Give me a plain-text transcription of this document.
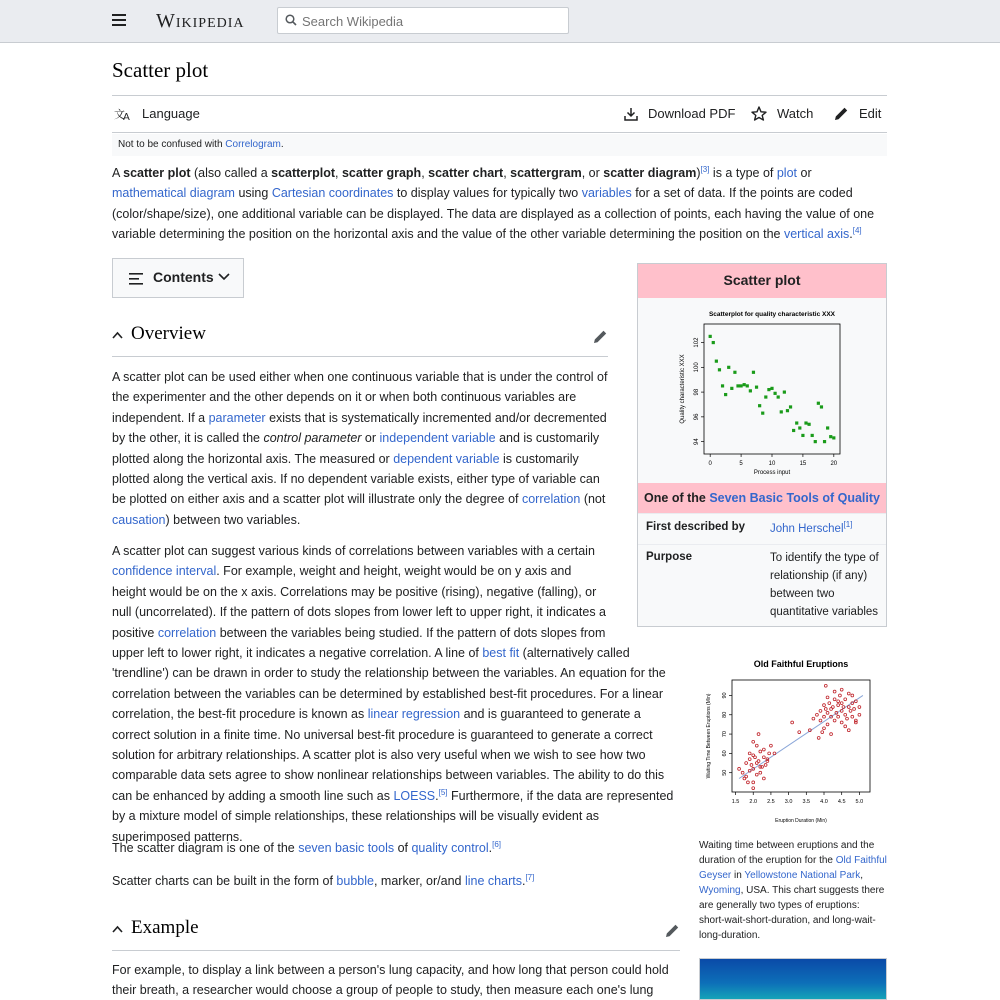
Wikipedia
Search Wikipedia
Scatter plot
文
A Language	Download PDF	Watch	Edit
Not to be confused with Correlogram.
A scatter plot (also called a scatterplot, scatter graph, scatter chart, scattergram, or scatter diagram)[3] is a type of plot or mathematical diagram using Cartesian coordinates to display values for typically two variables for a set of data. If the points are coded (color/shape/size), one additional variable can be displayed. The data are displayed as a collection of points, each having the value of one variable determining the position on the horizontal axis and the value of the other variable determining the position on the vertical axis.[4]
Contents
Overview
A scatter plot can be used either when one continuous variable that is under the control of the experimenter and the other depends on it or when both continuous variables are independent. If a parameter exists that is systematically incremented and/or decremented by the other, it is called the control parameter or independent variable and is customarily plotted along the horizontal axis. The measured or dependent variable is customarily plotted along the vertical axis. If no dependent variable exists, either type of variable can be plotted on either axis and a scatter plot will illustrate only the degree of correlation (not causation) between two variables.
A scatter plot can suggest various kinds of correlations between variables with a certain confidence interval. For example, weight and height, weight would be on y axis and height would be on the x axis. Correlations may be positive (rising), negative (falling), or null (uncorrelated). If the pattern of dots slopes from lower left to upper right, it indicates a positive correlation between the variables being studied. If the pattern of dots slopes from upper left to lower right, it indicates a negative correlation. A line of best fit (alternatively called 'trendline') can be drawn in order to study the relationship between the variables. An equation for the correlation between the variables can be determined by established best-fit procedures. For a linear correlation, the best-fit procedure is known as linear regression and is guaranteed to generate a correct solution in a finite time. No universal best-fit procedure is guaranteed to generate a correct solution for arbitrary relationships. A scatter plot is also very useful when we wish to see how two comparable data sets agree to show nonlinear relationships between variables. The ability to do this can be enhanced by adding a smooth line such as LOESS.[5] Furthermore, if the data are represented by a mixture model of simple relationships, these relationships will be visually evident as superimposed patterns.
The scatter diagram is one of the seven basic tools of quality control.[6]
Scatter charts can be built in the form of bubble, marker, or/and line charts.[7]
Example
For example, to display a link between a person's lung capacity, and how long that person could hold their breath, a researcher would choose a group of people to study, then measure each one's lung
Scatter plot
Scatterplot for quality characteristic XXX
0	5	10	15	20
94
96
98
100
102
Process input
Quality characteristic XXX
One of the Seven Basic Tools of Quality
First described by John Herschel[1]
Purpose	To identify the type of relationship (if any) between two quantitative variables
Old Faithful Eruptions
1.5 2.0 2.5 3.0 3.5 4.0 4.5 5.0
50
60
70
80
90
Eruption Duration (Min)
Waiting Time Between Eruptions (Min)
Waiting time between eruptions and the duration of the eruption for the Old Faithful Geyser in Yellowstone National Park, Wyoming, USA. This chart suggests there are generally two types of eruptions: short-wait-short-duration, and long-wait-long-duration.
